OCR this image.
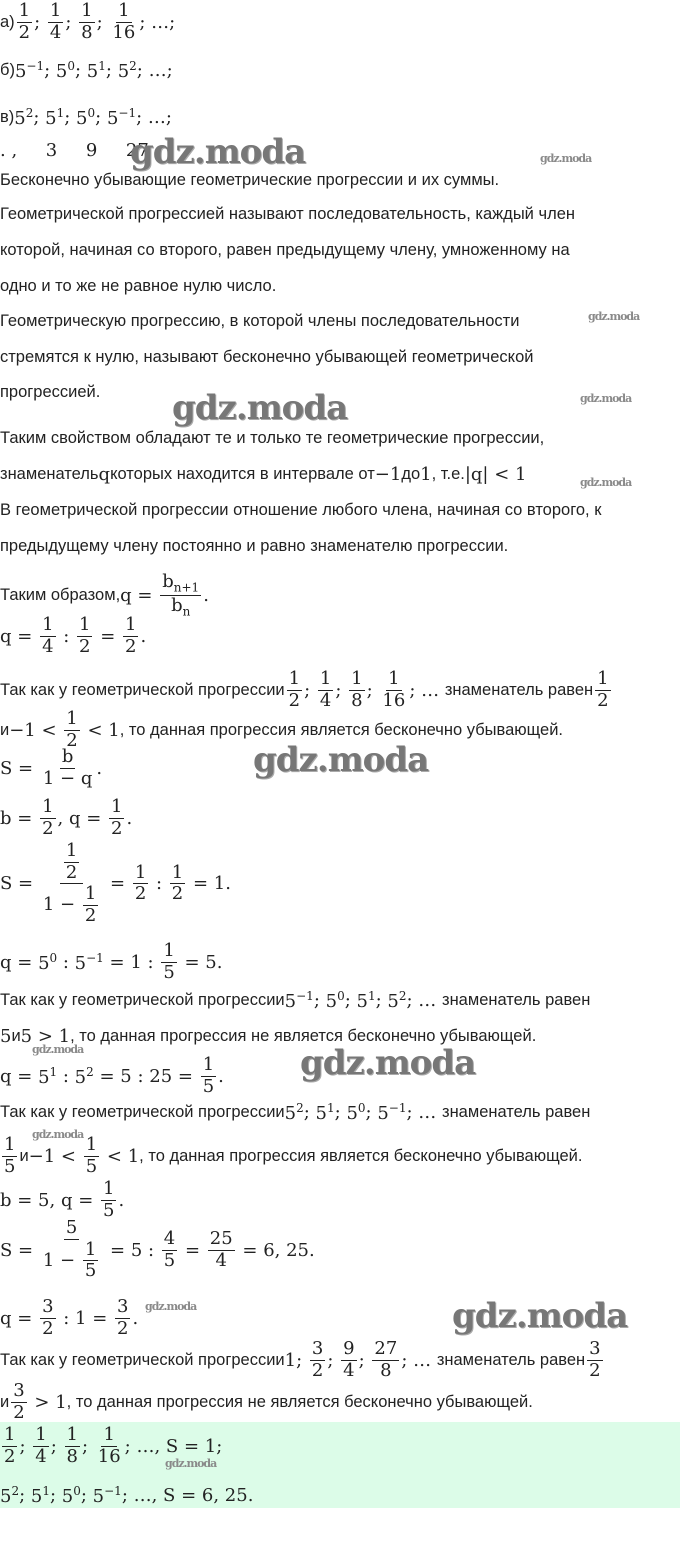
$а) \frac{1}{2}$ ; $\frac{1}{4}$ ; $\frac{1}{8}$ ; $\frac{1}{16}$ ; …;
б) $5^{-1}$ ; $5^0$ ; $5^1$ ; $5^2$ ; …;
в) $5^2$ ; $5^1$ ; $5^0$ ; $5^{-1}$ ; …;
. ,     3     9     27
Бесконечно убывающие геометрические прогрессии и их суммы.
Геометрической прогрессией называют последовательность, каждый член
которой, начиная со второго, равен предыдущему члену, умноженному на
одно и то же не равное нулю число.
Геометрическую прогрессию, в которой члены последовательности
стремятся к нулю, называют бесконечно убывающей геометрической
прогрессией.
Таким свойством обладают те и только те геометрические прогрессии,
знаменатель q которых находится в интервале от −1 до 1 , т.е. |q| < 1
В геометрической прогрессии отношение любого члена, начиная со второго, к
предыдущему члену постоянно и равно знаменателю прогрессии.
Таким образом, $q = \frac{b_{n+1}}{b_n}$ .
$q = \frac{1}{4}$ : $\frac{1}{2} = \frac{1}{2}$ .
Так как у геометрической прогрессии $\frac{1}{2}$ ; $\frac{1}{4}$ ; $\frac{1}{8}$ ; $\frac{1}{16}$ ; … знаменатель равен $\frac{1}{2}$
$и -1 < \frac{1}{2} < 1$ , то данная прогрессия является бесконечно убывающей.
$S = \frac{b}{1 - q}$ .
$b = \frac{1}{2}$ , $q = \frac{1}{2}$ .
$S = \frac{\frac{1}{2}}{1 - \frac{1}{2}} = \frac{1}{2}$ : $\frac{1}{2} = 1$.
$q = 5^0$ : $5^{-1} = 1$ : $\frac{1}{5} = 5$.
Так как у геометрической прогрессии $5^{-1}$ ; $5^0$ ; $5^1$ ; $5^2$ ; … знаменатель равен
5 и 5 > 1 , то данная прогрессия не является бесконечно убывающей.
$q = 5^1$ : $5^2 = 5$ : $25 = \frac{1}{5}$ .
Так как у геометрической прогрессии $5^2$ ; $5^1$ ; $5^0$ ; $5^{-1}$ ; … знаменатель равен
$\frac{1}{5}$ $и -1 < \frac{1}{5} < 1$ , то данная прогрессия является бесконечно убывающей.
b = 5, $q = \frac{1}{5}$ .
$S = \frac{5}{1 - \frac{1}{5}} = 5$ : $\frac{4}{5} = \frac{25}{4} = 6$, 25.
$q = \frac{3}{2}$ : $1 = \frac{3}{2}$ .
Так как у геометрической прогрессии 1; $\frac{3}{2}$ ; $\frac{9}{4}$ ; $\frac{27}{8}$ ; … знаменатель равен $\frac{3}{2}$
и $\frac{3}{2} > 1$ , то данная прогрессия не является бесконечно убывающей.
$\frac{1}{2}$ ; $\frac{1}{4}$ ; $\frac{1}{8}$ ; $\frac{1}{16}$ ; …, S = 1;
$5^2$ ; $5^1$ ; $5^0$ ; $5^{-1}$ ; …, S = 6, 25.
gdz.moda	gdz.moda
gdz.moda
gdz.moda	gdz.moda
gdz.moda
gdz.moda
gdz.moda	gdz.moda
gdz.moda
gdz.moda	gdz.moda
gdz.moda
